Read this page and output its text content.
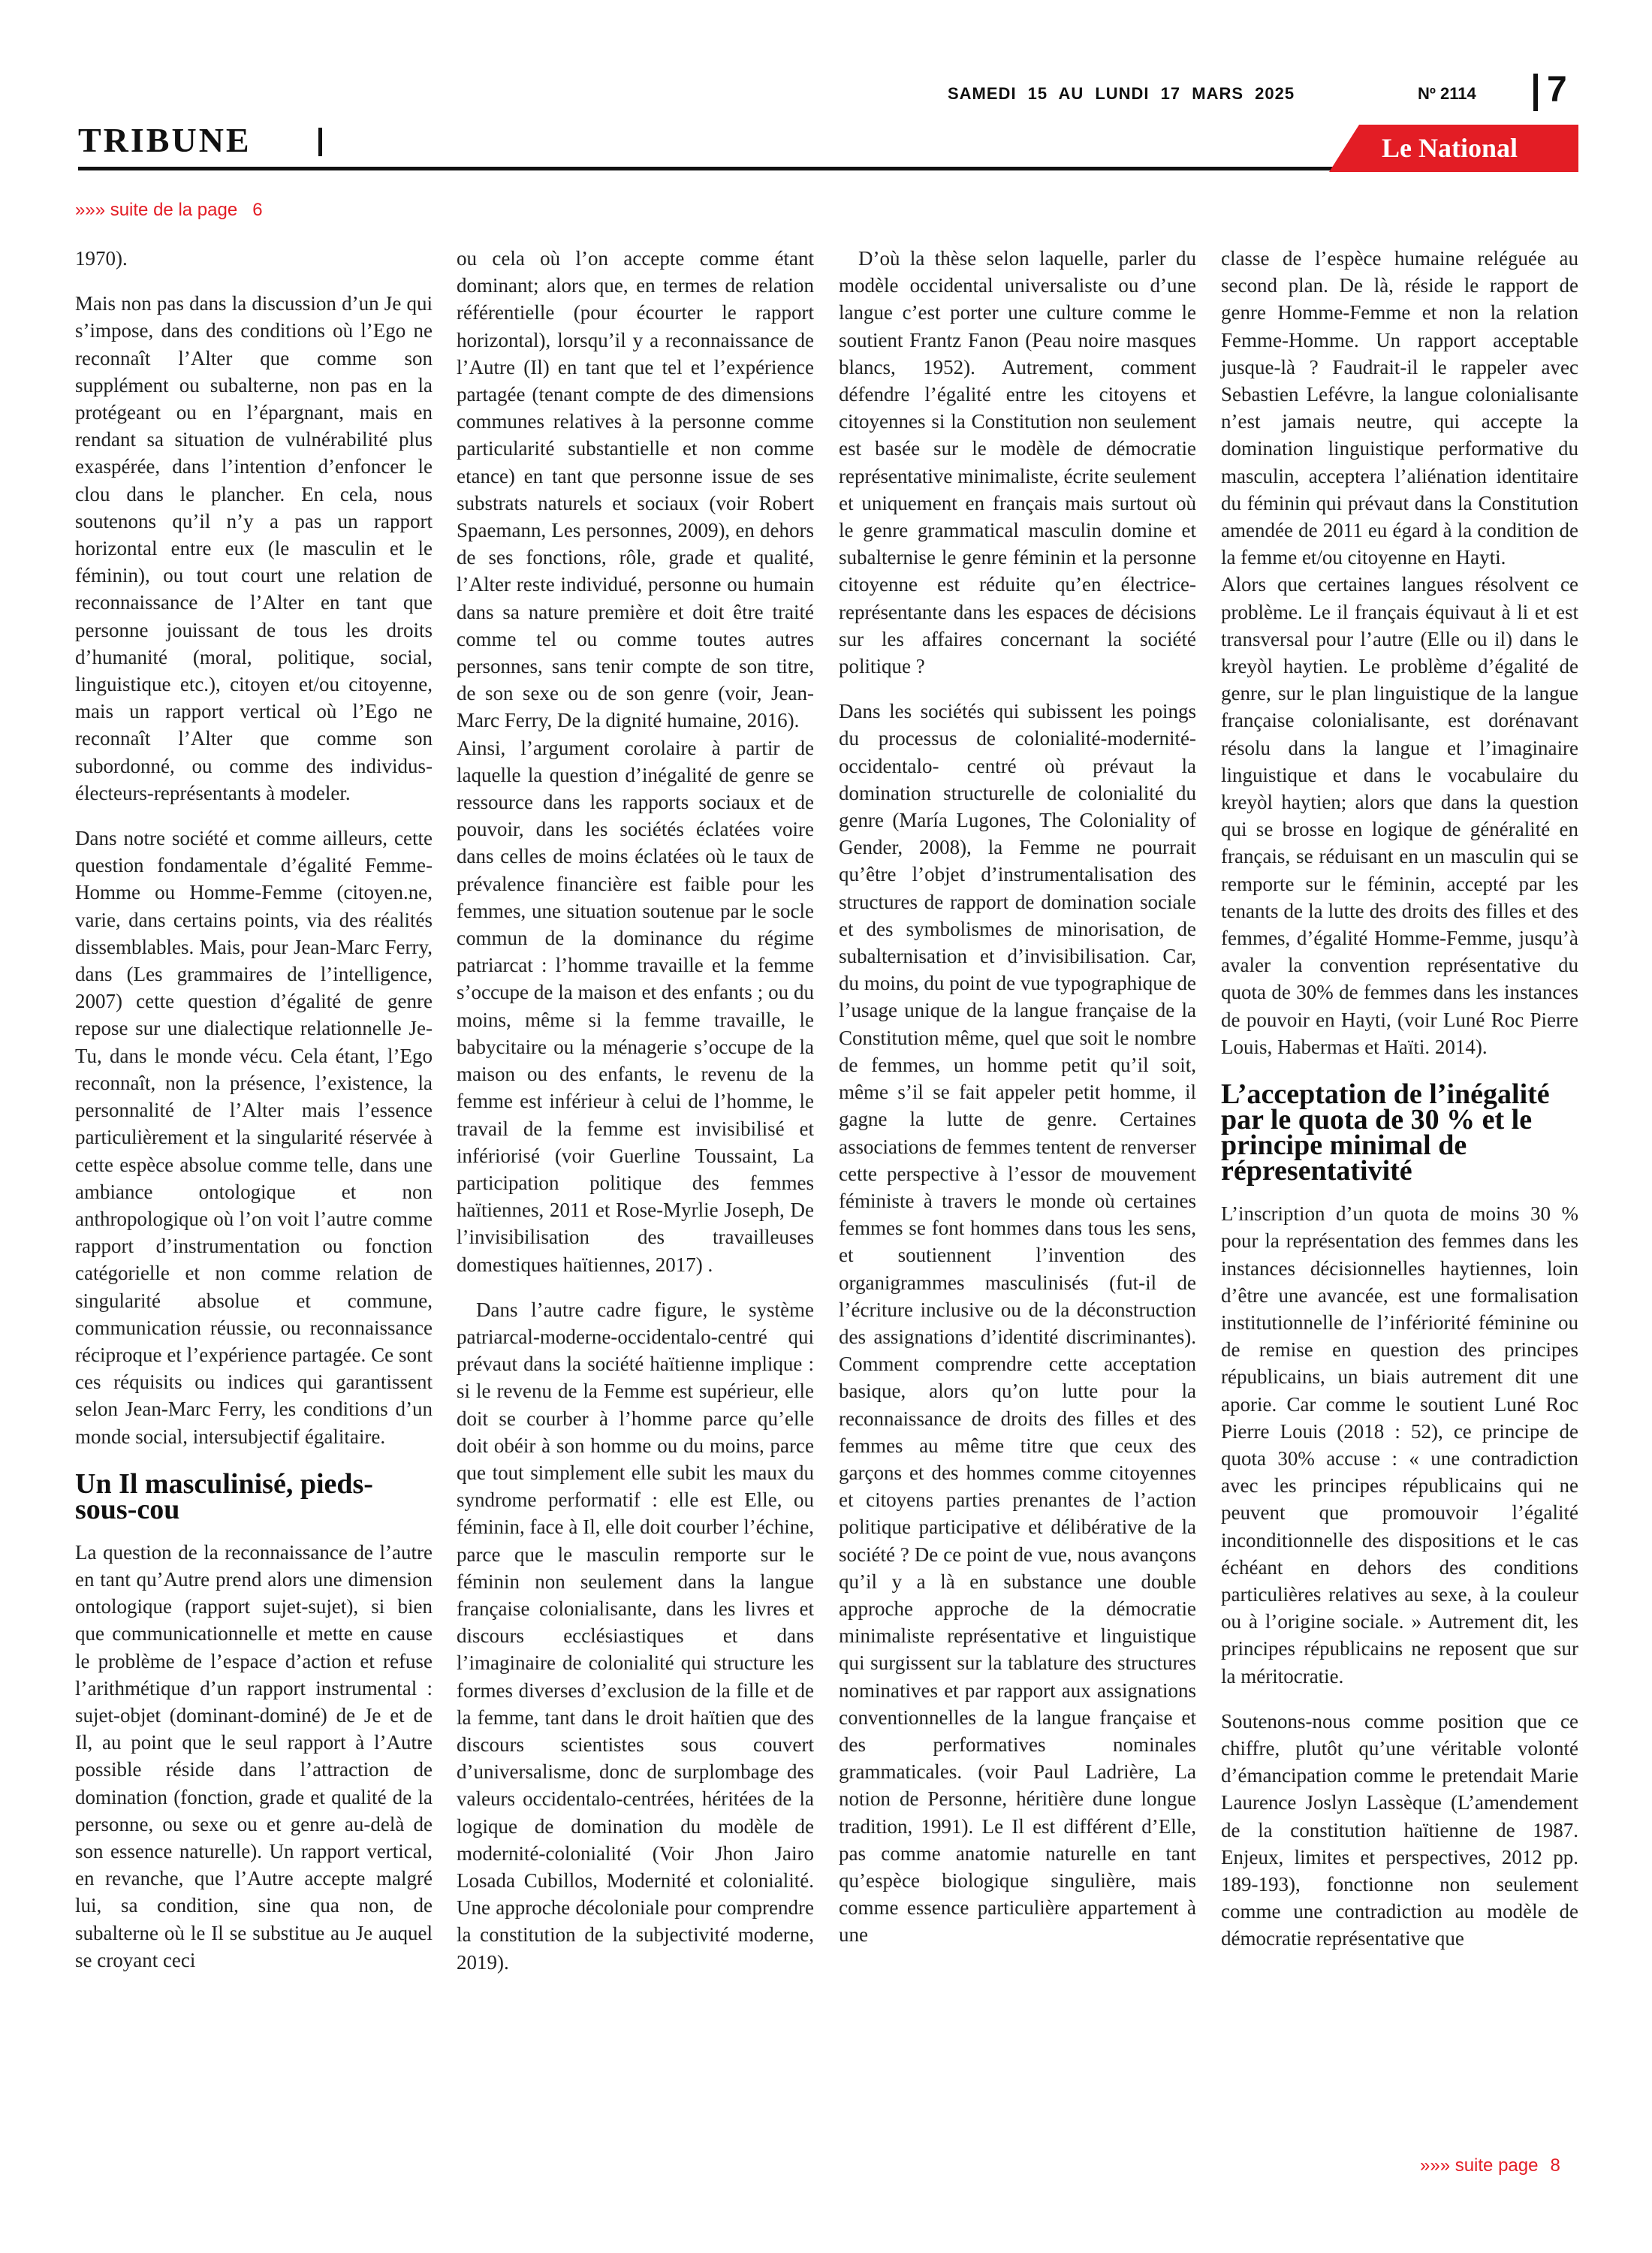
SAMEDI 15 AU LUNDI 17 MARS 2025	Nº 2114 7
TRIBUNE	Le National
»»» suite de la page 6

1970).

Mais non pas dans la discussion d’un Je qui s’impose, dans des conditions où l’Ego ne reconnaît l’Alter que comme son supplément ou subalterne, non pas en la protégeant ou en l’épargnant, mais en rendant sa situation de vulnérabilité plus exaspérée, dans l’intention d’enfoncer le clou dans le plancher. En cela, nous soutenons qu’il n’y a pas un rapport horizontal entre eux (le masculin et le féminin), ou tout court une relation de reconnaissance de l’Alter en tant que personne jouissant de tous les droits d’humanité (moral, politique, social, linguistique etc.), citoyen et/ou citoyenne, mais un rapport vertical où l’Ego ne reconnaît l’Alter que comme son subordonné, ou comme des individus-électeurs-représentants à modeler.

Dans notre société et comme ailleurs, cette question fondamentale d’égalité Femme-Homme ou Homme-Femme (citoyen.ne, varie, dans certains points, via des réalités dissemblables. Mais, pour Jean-Marc Ferry, dans (Les grammaires de l’intelligence, 2007) cette question d’égalité de genre repose sur une dialectique relationnelle Je-Tu, dans le monde vécu. Cela étant, l’Ego reconnaît, non la présence, l’existence, la personnalité de l’Alter mais l’essence particulièrement et la singularité réservée à cette espèce absolue comme telle, dans une ambiance ontologique et non anthropologique où l’on voit l’autre comme rapport d’instrumentation ou fonction catégorielle et non comme relation de singularité absolue et commune, communication réussie, ou reconnaissance réciproque et l’expérience partagée. Ce sont ces réquisits ou indices qui garantissent selon Jean-Marc Ferry, les conditions d’un monde social, intersubjectif égalitaire.

Un Il masculinisé, pieds-sous-cou

La question de la reconnaissance de l’autre en tant qu’Autre prend alors une dimension ontologique (rapport sujet-sujet), si bien que communicationnelle et mette en cause le problème de l’espace d’action et refuse l’arithmétique d’un rapport instrumental : sujet-objet (dominant-dominé) de Je et de Il, au point que le seul rapport à l’Autre possible réside dans l’attraction de domination (fonction, grade et qualité de la personne, ou sexe ou et genre au-delà de son essence naturelle). Un rapport vertical, en revanche, que l’Autre accepte malgré lui, sa condition, sine qua non, de subalterne où le Il se substitue au Je auquel se croyant ceci

ou cela où l’on accepte comme étant dominant; alors que, en termes de relation référentielle (pour écourter le rapport horizontal), lorsqu’il y a reconnaissance de l’Autre (Il) en tant que tel et l’expérience partagée (tenant compte de des dimensions communes relatives à la personne comme particularité substantielle et non comme etance) en tant que personne issue de ses substrats naturels et sociaux (voir Robert Spaemann, Les personnes, 2009), en dehors de ses fonctions, rôle, grade et qualité, l’Alter reste individué, personne ou humain dans sa nature première et doit être traité comme tel ou comme toutes autres personnes, sans tenir compte de son titre, de son sexe ou de son genre (voir, Jean-Marc Ferry, De la dignité humaine, 2016).

Ainsi, l’argument corolaire à partir de laquelle la question d’inégalité de genre se ressource dans les rapports sociaux et de pouvoir, dans les sociétés éclatées voire dans celles de moins éclatées où le taux de prévalence financière est faible pour les femmes, une situation soutenue par le socle commun de la dominance du régime patriarcat : l’homme travaille et la femme s’occupe de la maison et des enfants ; ou du moins, même si la femme travaille, le babycitaire ou la ménagerie s’occupe de la maison ou des enfants, le revenu de la femme est inférieur à celui de l’homme, le travail de la femme est invisibilisé et infériorisé (voir Guerline Toussaint, La participation politique des femmes haïtiennes, 2011 et Rose-Myrlie Joseph, De l’invisibilisation des travailleuses domestiques haïtiennes, 2017) .

Dans l’autre cadre figure, le système patriarcal-moderne-occidentalo-centré qui prévaut dans la société haïtienne implique : si le revenu de la Femme est supérieur, elle doit se courber à l’homme parce qu’elle doit obéir à son homme ou du moins, parce que tout simplement elle subit les maux du syndrome performatif : elle est Elle, ou féminin, face à Il, elle doit courber l’échine, parce que le masculin remporte sur le féminin non seulement dans la langue française colonialisante, dans les livres et discours ecclésiastiques et dans l’imaginaire de colonialité qui structure les formes diverses d’exclusion de la fille et de la femme, tant dans le droit haïtien que des discours scientistes sous couvert d’universalisme, donc de surplombage des valeurs occidentalo-centrées, héritées de la logique de domination du modèle de modernité-colonialité (Voir Jhon Jairo Losada Cubillos, Modernité et colonialité. Une approche décoloniale pour comprendre la constitution de la subjectivité moderne, 2019).

D’où la thèse selon laquelle, parler du modèle occidental universaliste ou d’une langue c’est porter une culture comme le soutient Frantz Fanon (Peau noire masques blancs, 1952). Autrement, comment défendre l’égalité entre les citoyens et citoyennes si la Constitution non seulement est basée sur le modèle de démocratie représentative minimaliste, écrite seulement et uniquement en français mais surtout où le genre grammatical masculin domine et subalternise le genre féminin et la personne citoyenne est réduite qu’en électrice-représentante dans les espaces de décisions sur les affaires concernant la société politique ?

Dans les sociétés qui subissent les poings du processus de colonialité-modernité-occidentalo- centré où prévaut la domination structurelle de colonialité du genre (María Lugones, The Coloniality of Gender, 2008), la Femme ne pourrait qu’être l’objet d’instrumentalisation des structures de rapport de domination sociale et des symbolismes de minorisation, de subalternisation et d’invisibilisation. Car, du moins, du point de vue typographique de l’usage unique de la langue française de la Constitution même, quel que soit le nombre de femmes, un homme petit qu’il soit, même s’il se fait appeler petit homme, il gagne la lutte de genre. Certaines associations de femmes tentent de renverser cette perspective à l’essor de mouvement féministe à travers le monde où certaines femmes se font hommes dans tous les sens, et soutiennent l’invention des organigrammes masculinisés (fut-il de l’écriture inclusive ou de la déconstruction des assignations d’identité discriminantes). Comment comprendre cette acceptation basique, alors qu’on lutte pour la reconnaissance de droits des filles et des femmes au même titre que ceux des garçons et des hommes comme citoyennes et citoyens parties prenantes de l’action politique participative et délibérative de la société ? De ce point de vue, nous avançons qu’il y a là en substance une double approche approche de la démocratie minimaliste représentative et linguistique qui surgissent sur la tablature des structures nominatives et par rapport aux assignations conventionnelles de la langue française et des performatives nominales grammaticales. (voir Paul Ladrière, La notion de Personne, héritière dune longue tradition, 1991). Le Il est différent d’Elle, pas comme anatomie naturelle en tant qu’espèce biologique singulière, mais comme essence particulière appartement à une

classe de l’espèce humaine reléguée au second plan. De là, réside le rapport de genre Homme-Femme et non la relation Femme-Homme. Un rapport acceptable jusque-là ? Faudrait-il le rappeler avec Sebastien Lefévre, la langue colonialisante n’est jamais neutre, qui accepte la domination linguistique performative du masculin, acceptera l’aliénation identitaire du féminin qui prévaut dans la Constitution amendée de 2011 eu égard à la condition de la femme et/ou citoyenne en Hayti.

Alors que certaines langues résolvent ce problème. Le il français équivaut à li et est transversal pour l’autre (Elle ou il) dans le kreyòl haytien. Le problème d’égalité de genre, sur le plan linguistique de la langue française colonialisante, est dorénavant résolu dans la langue et l’imaginaire linguistique et dans le vocabulaire du kreyòl haytien; alors que dans la question qui se brosse en logique de généralité en français, se réduisant en un masculin qui se remporte sur le féminin, accepté par les tenants de la lutte des droits des filles et des femmes, d’égalité Homme-Femme, jusqu’à avaler la convention représentative du quota de 30% de femmes dans les instances de pouvoir en Hayti, (voir Luné Roc Pierre Louis, Habermas et Haïti. 2014).

L’acceptation de l’inégalité par le quota de 30 % et le principe minimal de répresentativité

L’inscription d’un quota de moins 30 % pour la représentation des femmes dans les instances décisionnelles haytiennes, loin d’être une avancée, est une formalisation institutionnelle de l’infériorité féminine ou de remise en question des principes républicains, un biais autrement dit une aporie. Car comme le soutient Luné Roc Pierre Louis (2018 : 52), ce principe de quota 30% accuse : « une contradiction avec les principes républicains qui ne peuvent que promouvoir l’égalité inconditionnelle des dispositions et le cas échéant en dehors des conditions particulières relatives au sexe, à la couleur ou à l’origine sociale. » Autrement dit, les principes républicains ne reposent que sur la méritocratie.

Soutenons-nous comme position que ce chiffre, plutôt qu’une véritable volonté d’émancipation comme le pretendait Marie Laurence Joslyn Lassèque (L’amendement de la constitution haïtienne de 1987. Enjeux, limites et perspectives, 2012 pp. 189-193), fonctionne non seulement comme une contradiction au modèle de démocratie représentative que

»»» suite page 8
